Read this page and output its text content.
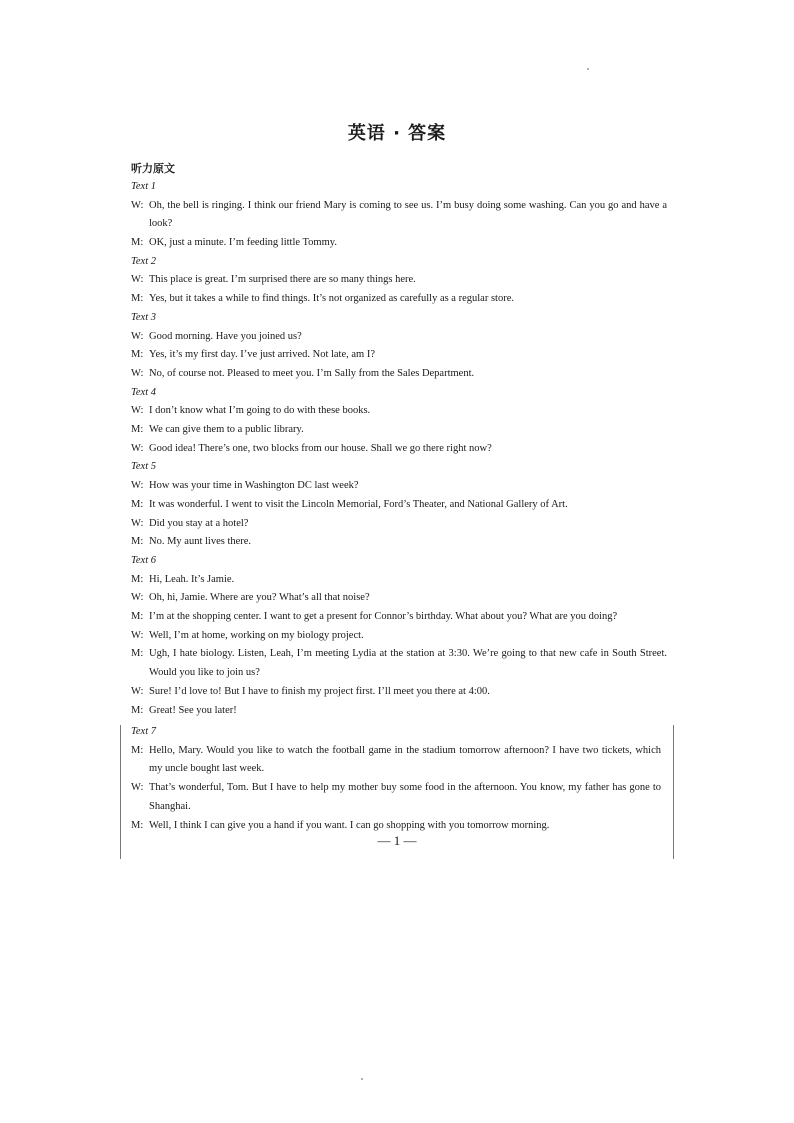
英语 · 答案
听力原文
Text 1
W: Oh, the bell is ringing. I think our friend Mary is coming to see us. I’m busy doing some washing. Can you go and have a look?
M: OK, just a minute. I’m feeding little Tommy.
Text 2
W: This place is great. I’m surprised there are so many things here.
M: Yes, but it takes a while to find things. It’s not organized as carefully as a regular store.
Text 3
W: Good morning. Have you joined us?
M: Yes, it’s my first day. I’ve just arrived. Not late, am I?
W: No, of course not. Pleased to meet you. I’m Sally from the Sales Department.
Text 4
W: I don’t know what I’m going to do with these books.
M: We can give them to a public library.
W: Good idea! There’s one, two blocks from our house. Shall we go there right now?
Text 5
W: How was your time in Washington DC last week?
M: It was wonderful. I went to visit the Lincoln Memorial, Ford’s Theater, and National Gallery of Art.
W: Did you stay at a hotel?
M: No. My aunt lives there.
Text 6
M: Hi, Leah. It’s Jamie.
W: Oh, hi, Jamie. Where are you? What’s all that noise?
M: I’m at the shopping center. I want to get a present for Connor’s birthday. What about you? What are you doing?
W: Well, I’m at home, working on my biology project.
M: Ugh, I hate biology. Listen, Leah, I’m meeting Lydia at the station at 3:30. We’re going to that new cafe in South Street. Would you like to join us?
W: Sure! I’d love to! But I have to finish my project first. I’ll meet you there at 4:00.
M: Great! See you later!
Text 7
M: Hello, Mary. Would you like to watch the football game in the stadium tomorrow afternoon? I have two tickets, which my uncle bought last week.
W: That’s wonderful, Tom. But I have to help my mother buy some food in the afternoon. You know, my father has gone to Shanghai.
M: Well, I think I can give you a hand if you want. I can go shopping with you tomorrow morning.
— 1 —
